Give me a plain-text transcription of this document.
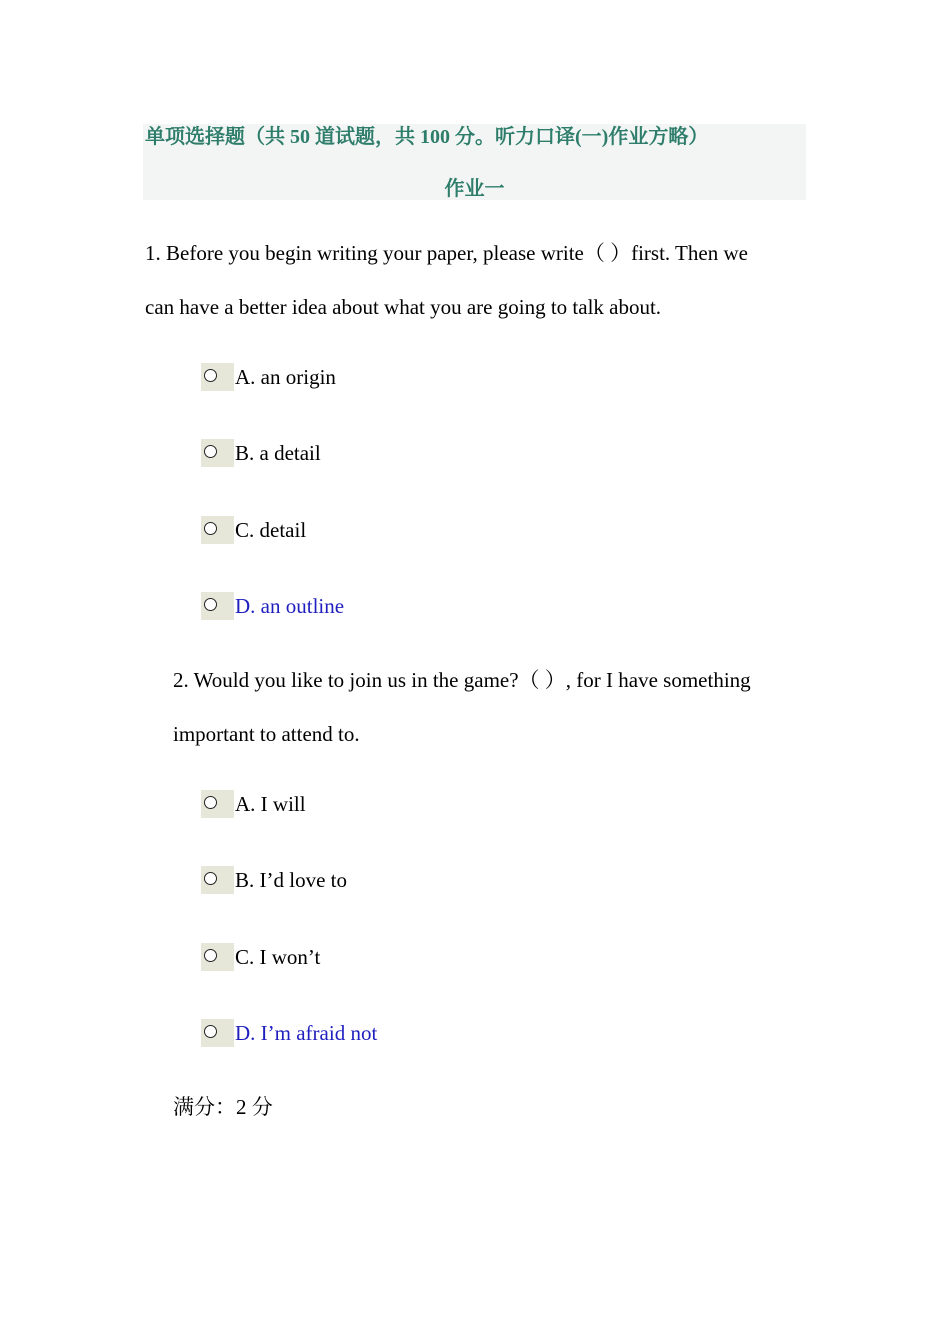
单项选择题（共 50 道试题，共 100 分。听力口译(一)作业方略）
作业一
1. Before you begin writing your paper, please write（ ）first. Then we
can have a better idea about what you are going to talk about.
A. an origin
B. a detail
C. detail
D. an outline
2. Would you like to join us in the game?（ ）, for I have something
important to attend to.
A. I will
B. I’d love to
C. I won’t
D. I’m afraid not
满分：2 分
